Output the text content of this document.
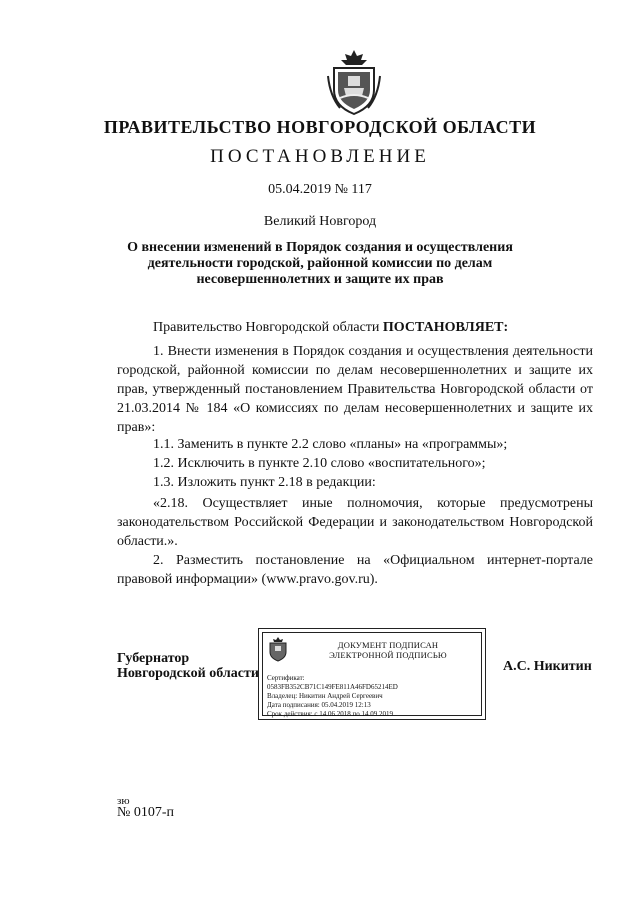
ПРАВИТЕЛЬСТВО НОВГОРОДСКОЙ ОБЛАСТИ
ПОСТАНОВЛЕНИЕ
05.04.2019 № 117
Великий Новгород
О внесении изменений в Порядок создания и осуществления
деятельности городской, районной комиссии по делам
несовершеннолетних и защите их прав
Правительство Новгородской области ПОСТАНОВЛЯЕТ:
1. Внести изменения в Порядок создания и осуществления деятельности городской, районной комиссии по делам несовершеннолетних и защите их прав, утвержденный постановлением Правительства Новгородской области от 21.03.2014 № 184 «О комиссиях по делам несовершеннолетних и защите их прав»:
1.1. Заменить в пункте 2.2 слово «планы» на «программы»;
1.2. Исключить в пункте 2.10 слово «воспитательного»;
1.3. Изложить пункт 2.18 в редакции:
«2.18. Осуществляет иные полномочия, которые предусмотрены законодательством Российской Федерации и законодательством Новгородской области.».
2. Разместить постановление на «Официальном интернет-портале правовой информации» (www.pravo.gov.ru).
Губернатор
Новгородской области
ДОКУМЕНТ ПОДПИСАН
ЭЛЕКТРОННОЙ ПОДПИСЬЮ
Сертификат:
0583FB352CB71C149FE811A46FD65214ED
Владелец: Никитин Андрей Сергеевич
Дата подписания: 05.04.2019 12:13
Срок действия: с 14.06.2018 по 14.09.2019
А.С. Никитин
зю
№ 0107-п
